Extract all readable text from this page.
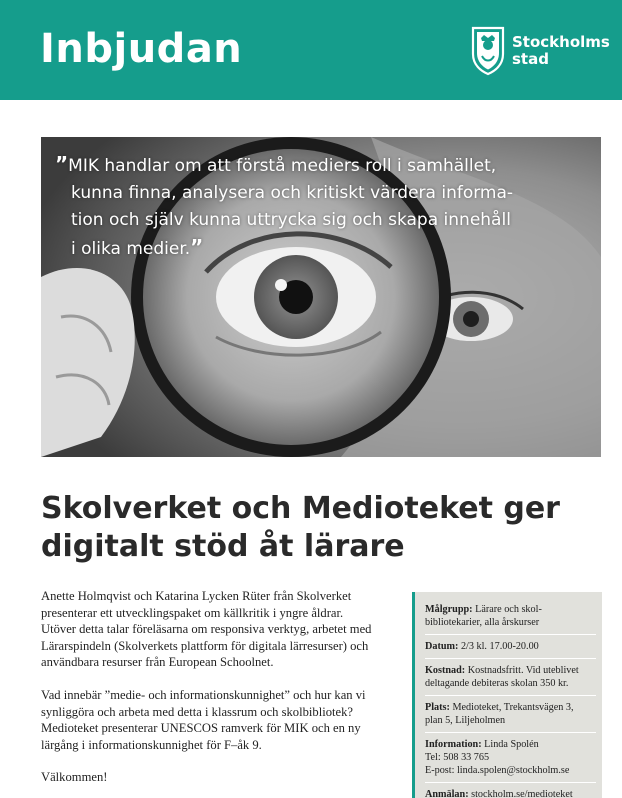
Inbjudan	Stockholms
stad
”MIK handlar om att förstå mediers roll i samhället,
kunna finna, analysera och kritiskt värdera informa-
tion och själv kunna uttrycka sig och skapa innehåll
i olika medier.”
Skolverket och Medioteket ger
digitalt stöd åt lärare

Anette Holmqvist och Katarina Lycken Rüter från Skolverket
presenterar ett utvecklingspaket om källkritik i yngre åldrar.
Utöver detta talar föreläsarna om responsiva verktyg, arbetet med
Lärarspindeln (Skolverkets plattform för digitala lärresurser) och
användbara resurser från European Schoolnet.

Vad innebär ”medie- och informationskunnighet” och hur kan vi
synliggöra och arbeta med detta i klassrum och skolbibliotek?
Medioteket presenterar UNESCOS ramverk för MIK och en ny
lärgång i informationskunnighet för F–åk 9.

Välkommen!

Målgrupp: Lärare och skol-
bibliotekarier, alla årskurser
Datum: 2/3 kl. 17.00-20.00
Kostnad: Kostnadsfritt. Vid uteblivet
deltagande debiteras skolan 350 kr.
Plats: Medioteket, Trekantsvägen 3,
plan 5, Liljeholmen
Information: Linda Spolén
Tel: 508 33 765
E-post: linda.spolen@stockholm.se
Anmälan: stockholm.se/medioteket
